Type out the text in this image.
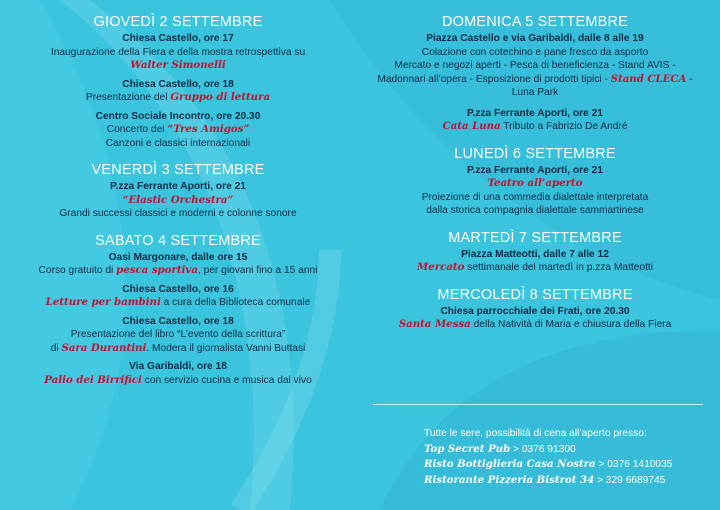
GIOVEDÌ 2 SETTEMBRE
Chiesa Castello, ore 17
Inaugurazione della Fiera e della mostra retrospettiva su
Walter Simonelli
Chiesa Castello, ore 18
Presentazione del Gruppo di lettura
Centro Sociale Incontro, ore 20.30
Concerto dei “Tres Amigos”
Canzoni e classici internazionali
VENERDÌ 3 SETTEMBRE
P.zza Ferrante Aporti, ore 21
“Elastic Orchestra”
Grandi successi classici e moderni e colonne sonore
SABATO 4 SETTEMBRE
Oasi Margonare, dalle ore 15
Corso gratuito di pesca sportiva, per giovani fino a 15 anni
Chiesa Castello, ore 16
Letture per bambini a cura della Biblioteca comunale
Chiesa Castello, ore 18
Presentazione del libro “L’evento della scrittura”
di Sara Durantini. Modera il giornalista Vanni Buttasi
Via Garibaldi, ore 18
Palio dei Birrifici con servizio cucina e musica dal vivo
DOMENICA 5 SETTEMBRE
Piazza Castello e via Garibaldi, dalle 8 alle 19
Colazione con cotechino e pane fresco da asporto
Mercato e negozi aperti - Pesca di beneficienza - Stand AVIS -
Madonnari all’opera - Esposizione di prodotti tipici - Stand CLECA -
Luna Park
P.zza Ferrante Aporti, ore 21
Cata Luna Tributo a Fabrizio De André
LUNEDÌ 6 SETTEMBRE
P.zza Ferrante Aporti, ore 21
Teatro all’aperto
Proiezione di una commedia dialettale interpretata
dalla storica compagnia dialettale sammartinese
MARTEDÌ 7 SETTEMBRE
Piazza Matteotti, dalle 7 alle 12
Mercato settimanale del martedì in p.zza Matteotti
MERCOLEDÌ 8 SETTEMBRE
Chiesa parrocchiale dei Frati, ore 20.30
Santa Messa della Natività di Maria e chiusura della Fiera
Tutte le sere, possibilità di cena all’aperto presso:
Top Secret Pub > 0376 91300
Risto Bottiglieria Casa Nostra > 0376 1410035
Ristorante Pizzeria Bistrot 34 > 329 6689745
